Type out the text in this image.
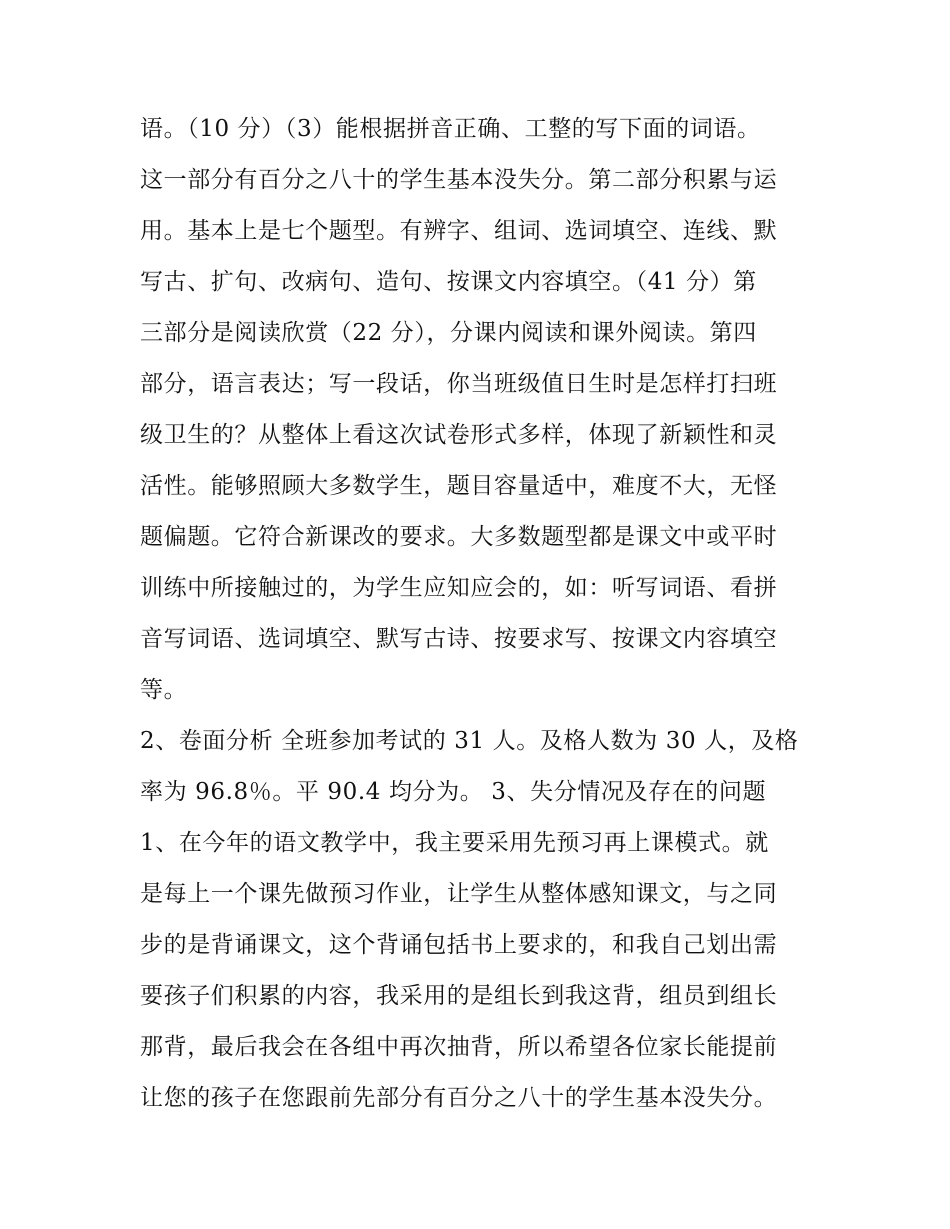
语。（10 分）（3）能根据拼音正确、工整的写下面的词语。
这一部分有百分之八十的学生基本没失分。第二部分积累与运
用。基本上是七个题型。有辨字、组词、选词填空、连线、默
写古、扩句、改病句、造句、按课文内容填空。（41 分）第
三部分是阅读欣赏（22 分），分课内阅读和课外阅读。第四
部分，语言表达；写一段话，你当班级值日生时是怎样打扫班
级卫生的？从整体上看这次试卷形式多样，体现了新颖性和灵
活性。能够照顾大多数学生，题目容量适中，难度不大，无怪
题偏题。它符合新课改的要求。大多数题型都是课文中或平时
训练中所接触过的，为学生应知应会的，如：听写词语、看拼
音写词语、选词填空、默写古诗、按要求写、按课文内容填空
等。
2、卷面分析 全班参加考试的 31 人。及格人数为 30 人，及格
率为 96.8％。平 90.4 均分为。 3、失分情况及存在的问题
1、在今年的语文教学中，我主要采用先预习再上课模式。就
是每上一个课先做预习作业，让学生从整体感知课文，与之同
步的是背诵课文，这个背诵包括书上要求的，和我自己划出需
要孩子们积累的内容，我采用的是组长到我这背，组员到组长
那背，最后我会在各组中再次抽背，所以希望各位家长能提前
让您的孩子在您跟前先部分有百分之八十的学生基本没失分。
